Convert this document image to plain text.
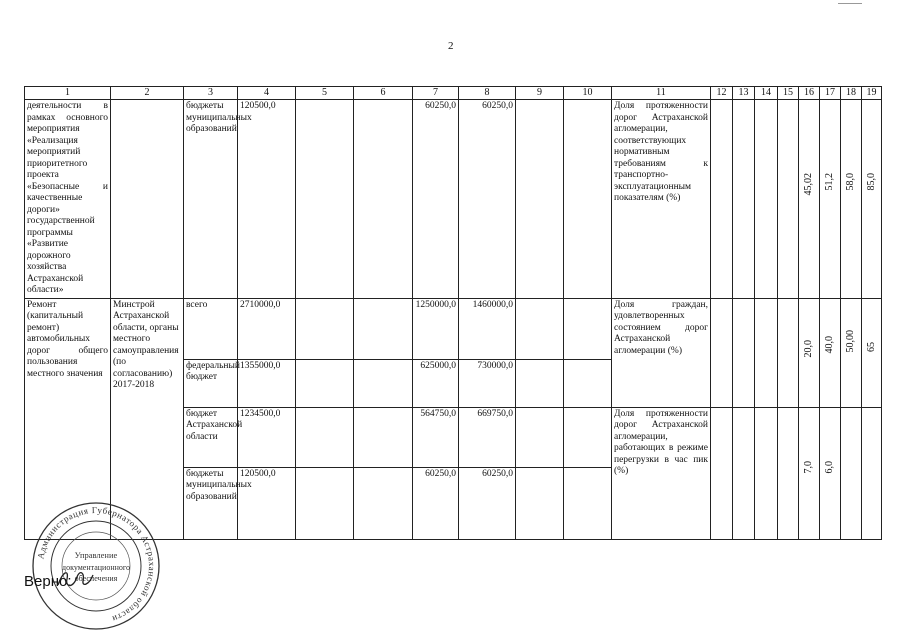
2
1	2	3	4	5	6	7	8	9	10	11	12	13	14	15	16	17	18	19
деятельности в рамках основного мероприятия «Реализация мероприятий приоритетного проекта «Безопасные и качественные дороги» государственной программы «Развитие дорожного хозяйства Астраханской области»		бюджеты муниципальных образований	120500,0			60250,0	60250,0			Доля протяженности дорог Астраханской агломерации, соответствующих нормативным требованиям к транспортно-эксплуатационным показателям (%)					45,02	51,2	58,0	85,0

Ремонт (капитальный ремонт) автомобильных дорог общего пользования местного значения	Минстрой Астраханской области, органы местного самоуправления (по согласованию) 2017-2018	всего	2710000,0			1250000,0	1460000,0			Доля граждан, удовлетворенных состоянием дорог Астраханской агломерации (%)					20,0	40,0	50,00	65

		федеральный бюджет	1355000,0			625000,0	730000,0											
		бюджет Астраханской области	1234500,0			564750,0	669750,0			Доля протяженности дорог Астраханской агломерации, работающих в режиме перегрузки в час пик (%)					7,0	6,0		

		бюджеты муниципальных образований	120500,0			60250,0	60250,0											
Администрация Губернатора Астраханской области
Управление
документационного
обеспечения
Верно:
